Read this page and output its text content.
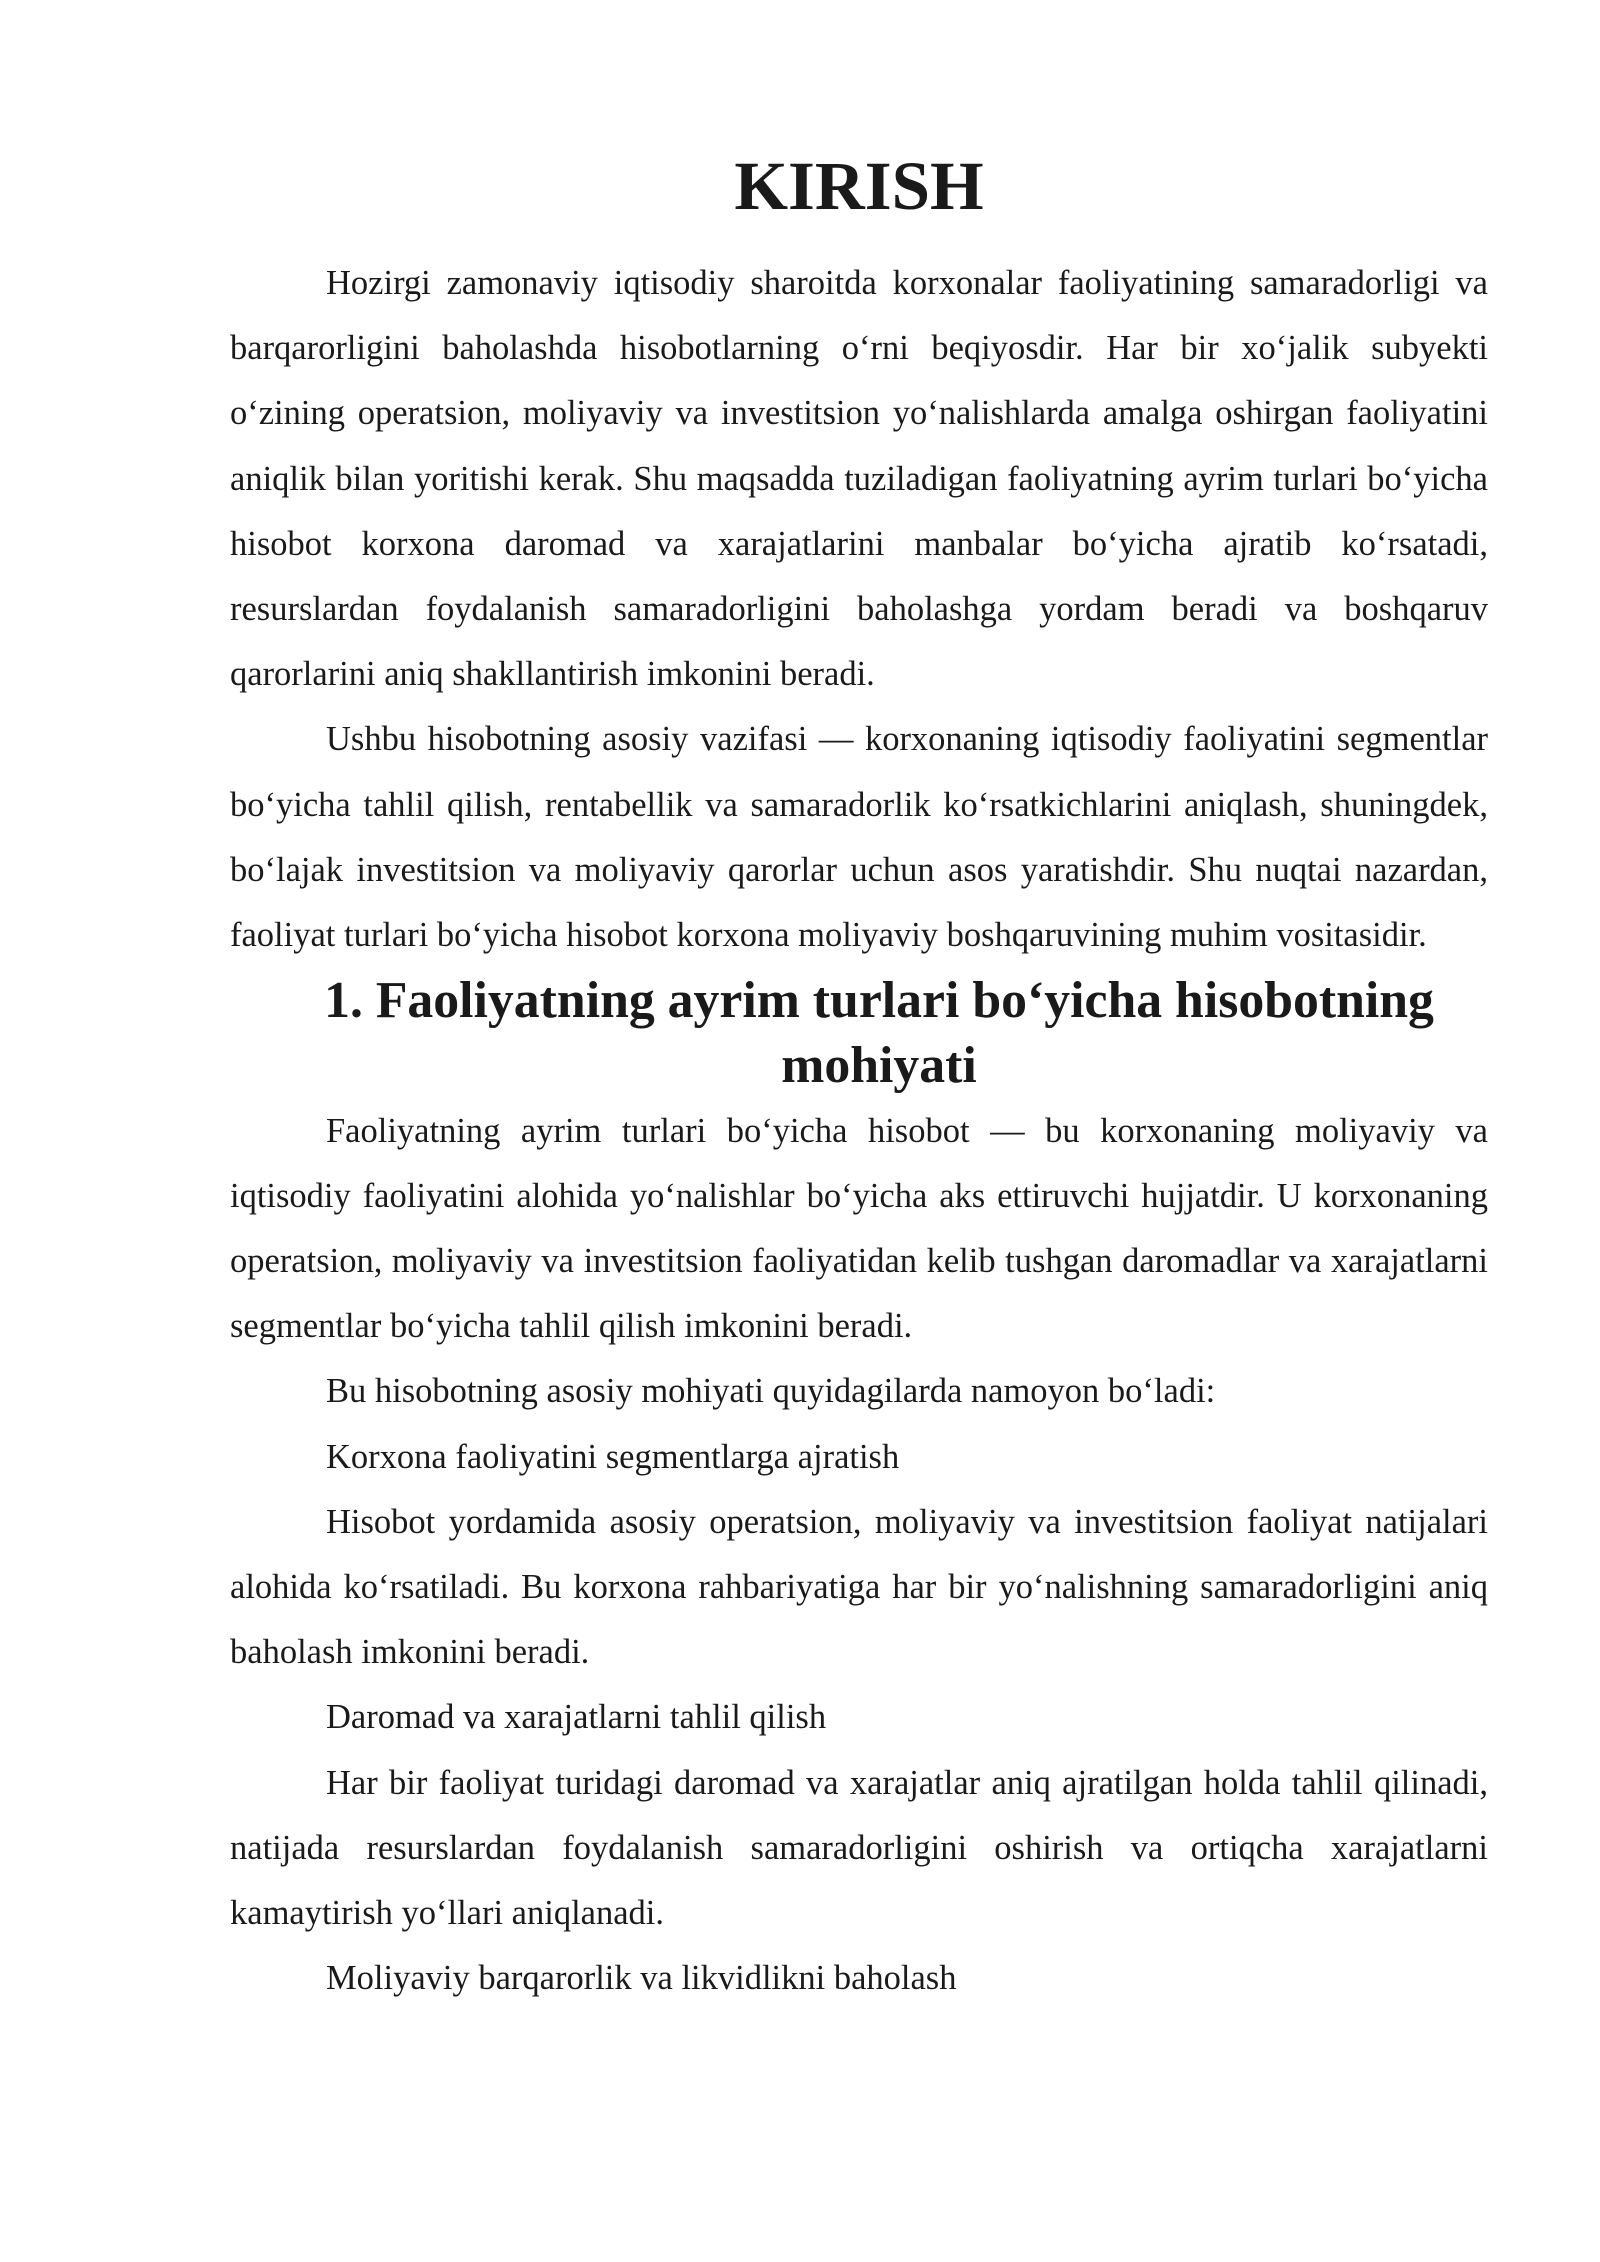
KIRISH

Hozirgi zamonaviy iqtisodiy sharoitda korxonalar faoliyatining samaradorligi va barqarorligini baholashda hisobotlarning o‘rni beqiyosdir. Har bir xo‘jalik subyekti o‘zining operatsion, moliyaviy va investitsion yo‘nalishlarda amalga oshirgan faoliyatini aniqlik bilan yoritishi kerak. Shu maqsadda tuziladigan faoliyatning ayrim turlari bo‘yicha hisobot korxona daromad va xarajatlarini manbalar bo‘yicha ajratib ko‘rsatadi, resurslardan foydalanish samaradorligini baholashga yordam beradi va boshqaruv qarorlarini aniq shakllantirish imkonini beradi.

Ushbu hisobotning asosiy vazifasi — korxonaning iqtisodiy faoliyatini segmentlar bo‘yicha tahlil qilish, rentabellik va samaradorlik ko‘rsatkichlarini aniqlash, shuningdek, bo‘lajak investitsion va moliyaviy qarorlar uchun asos yaratishdir. Shu nuqtai nazardan, faoliyat turlari bo‘yicha hisobot korxona moliyaviy boshqaruvining muhim vositasidir.

1. Faoliyatning ayrim turlari bo‘yicha hisobotning mohiyati

Faoliyatning ayrim turlari bo‘yicha hisobot — bu korxonaning moliyaviy va iqtisodiy faoliyatini alohida yo‘nalishlar bo‘yicha aks ettiruvchi hujjatdir. U korxonaning operatsion, moliyaviy va investitsion faoliyatidan kelib tushgan daromadlar va xarajatlarni segmentlar bo‘yicha tahlil qilish imkonini beradi.

Bu hisobotning asosiy mohiyati quyidagilarda namoyon bo‘ladi:

Korxona faoliyatini segmentlarga ajratish

Hisobot yordamida asosiy operatsion, moliyaviy va investitsion faoliyat natijalari alohida ko‘rsatiladi. Bu korxona rahbariyatiga har bir yo‘nalishning samaradorligini aniq baholash imkonini beradi.

Daromad va xarajatlarni tahlil qilish

Har bir faoliyat turidagi daromad va xarajatlar aniq ajratilgan holda tahlil qilinadi, natijada resurslardan foydalanish samaradorligini oshirish va ortiqcha xarajatlarni kamaytirish yo‘llari aniqlanadi.

Moliyaviy barqarorlik va likvidlikni baholash
